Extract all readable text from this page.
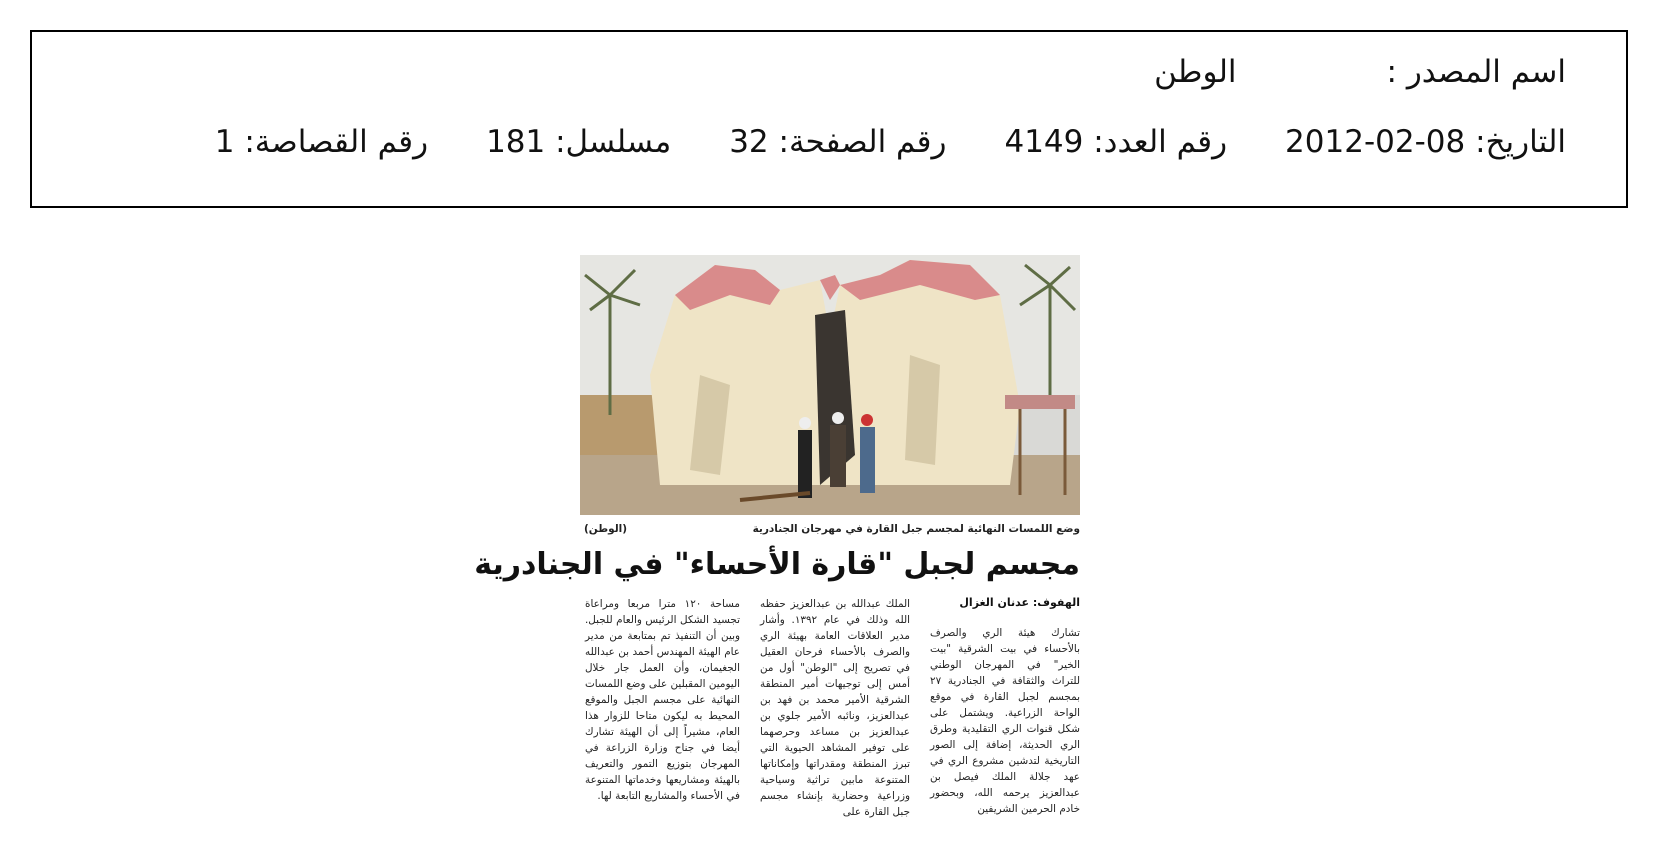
اسم المصدر :الوطن
التاريخ: 08-02-2012رقم العدد: 4149رقم الصفحة: 32مسلسل: 181رقم القصاصة: 1
وضع اللمسات النهائية لمجسم جبل القارة في مهرجان الجنادرية
(الوطن)
مجسم لجبل "قارة الأحساء" في الجنادرية
الهفوف: عدنان الغزال

تشارك هيئة الري والصرف بالأحساء في بيت الشرقية "بيت الخير" في المهرجان الوطني للتراث والثقافة في الجنادرية ٢٧ بمجسم لجبل القارة في موقع الواحة الزراعية. ويشتمل على شكل قنوات الري التقليدية وطرق الري الحديثة، إضافة إلى الصور التاريخية لتدشين مشروع الري في عهد جلالة الملك فيصل بن عبدالعزيز يرحمه الله، وبحضور خادم الحرمين الشريفين

الملك عبدالله بن عبدالعزيز حفظه الله وذلك في عام ١٣٩٢. وأشار مدير العلاقات العامة بهيئة الري والصرف بالأحساء فرحان العقيل في تصريح إلى "الوطن" أول من أمس إلى توجيهات أمير المنطقة الشرقية الأمير محمد بن فهد بن عبدالعزيز، ونائبه الأمير جلوي بن عبدالعزيز بن مساعد وحرصهما على توفير المشاهد الحيوية التي تبرز المنطقة ومقدراتها وإمكاناتها المتنوعة مابين تراثية وسياحية وزراعية وحضارية بإنشاء مجسم جبل القارة على

مساحة ١٢٠ مترا مربعا ومراعاة تجسيد الشكل الرئيس والعام للجبل. وبين أن التنفيذ تم بمتابعة من مدير عام الهيئة المهندس أحمد بن عبدالله الجغيمان، وأن العمل جار خلال اليومين المقبلين على وضع اللمسات النهائية على مجسم الجبل والموقع المحيط به ليكون متاحا للزوار هذا العام، مشيراً إلى أن الهيئة تشارك أيضا في جناح وزارة الزراعة في المهرجان بتوزيع التمور والتعريف بالهيئة ومشاريعها وخدماتها المتنوعة في الأحساء والمشاريع التابعة لها.
